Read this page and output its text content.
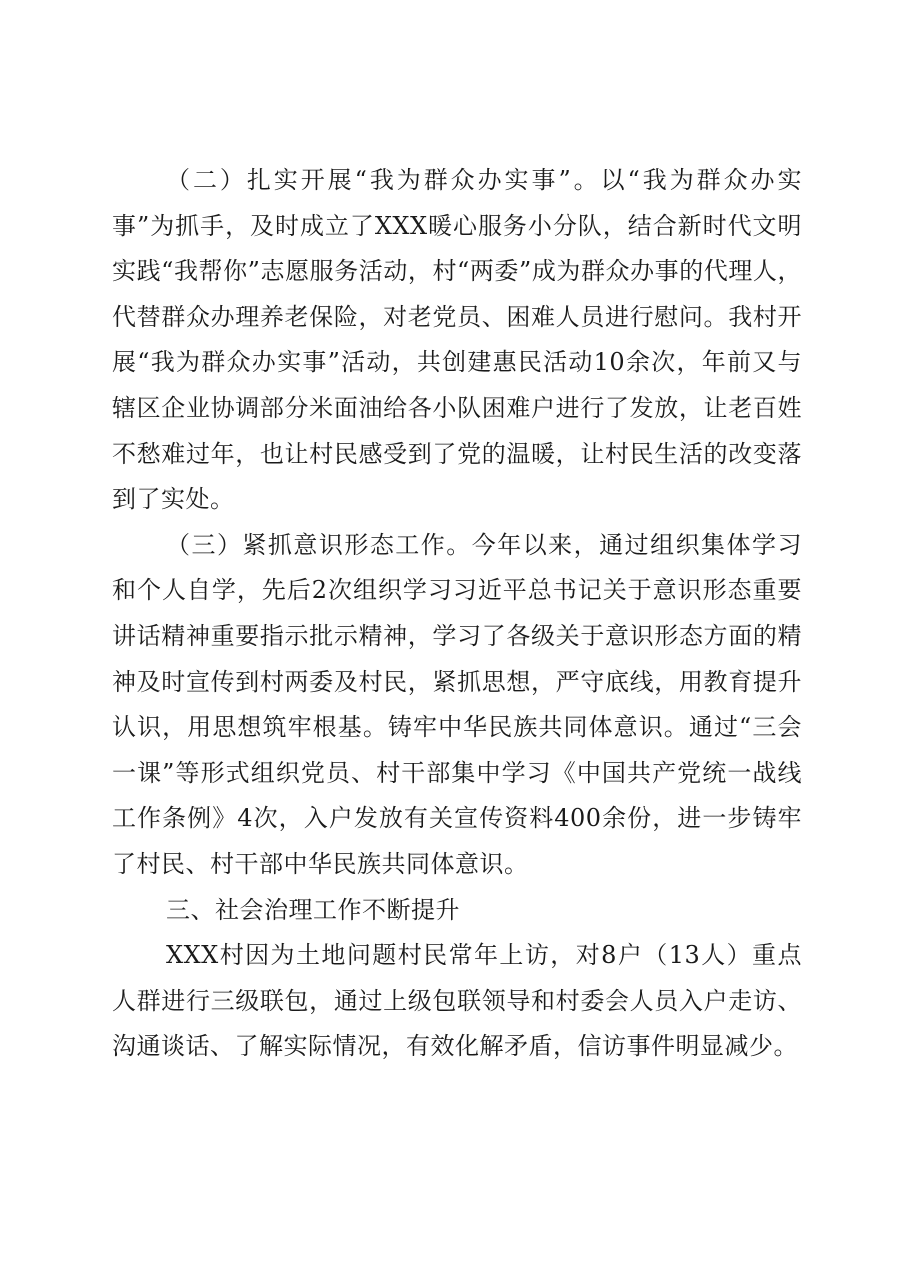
（二）扎实开展“我为群众办实事”。以“我为群众办实事”为抓手，及时成立了XXX暖心服务小分队，结合新时代文明实践“我帮你”志愿服务活动，村“两委”成为群众办事的代理人，代替群众办理养老保险，对老党员、困难人员进行慰问。我村开展“我为群众办实事”活动，共创建惠民活动10余次，年前又与辖区企业协调部分米面油给各小队困难户进行了发放，让老百姓不愁难过年，也让村民感受到了党的温暖，让村民生活的改变落到了实处。

（三）紧抓意识形态工作。今年以来，通过组织集体学习和个人自学，先后2次组织学习习近平总书记关于意识形态重要讲话精神重要指示批示精神，学习了各级关于意识形态方面的精神及时宣传到村两委及村民，紧抓思想，严守底线，用教育提升认识，用思想筑牢根基。铸牢中华民族共同体意识。通过“三会一课”等形式组织党员、村干部集中学习《中国共产党统一战线工作条例》4次，入户发放有关宣传资料400余份，进一步铸牢了村民、村干部中华民族共同体意识。

三、社会治理工作不断提升

XXX村因为土地问题村民常年上访，对8户（13人）重点人群进行三级联包，通过上级包联领导和村委会人员入户走访、沟通谈话、了解实际情况，有效化解矛盾，信访事件明显减少。
